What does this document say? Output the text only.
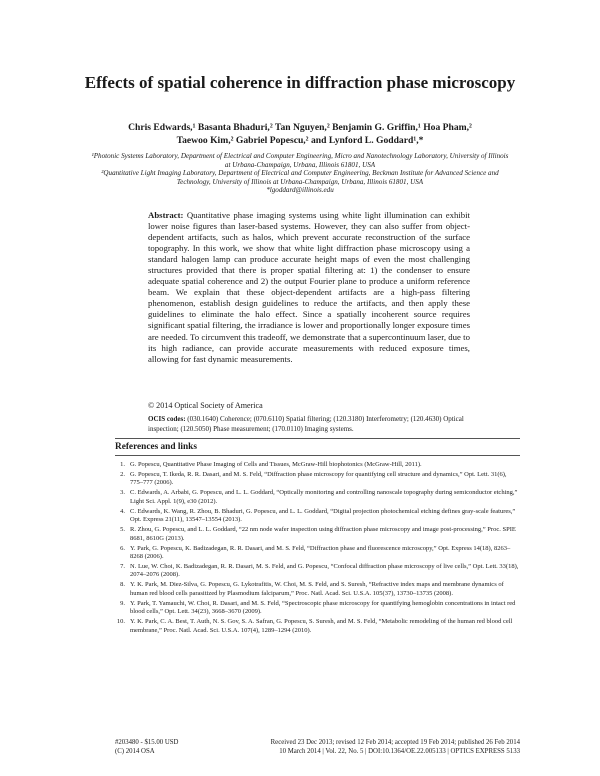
Effects of spatial coherence in diffraction phase microscopy
Chris Edwards,¹ Basanta Bhaduri,² Tan Nguyen,² Benjamin G. Griffin,¹ Hoa Pham,²
Taewoo Kim,² Gabriel Popescu,² and Lynford L. Goddard¹,*

¹Photonic Systems Laboratory, Department of Electrical and Computer Engineering, Micro and Nanotechnology Laboratory, University of Illinois at Urbana-Champaign, Urbana, Illinois 61801, USA

²Quantitative Light Imaging Laboratory, Department of Electrical and Computer Engineering, Beckman Institute for Advanced Science and Technology, University of Illinois at Urbana-Champaign, Urbana, Illinois 61801, USA

*lgoddard@illinois.edu

Abstract: Quantitative phase imaging systems using white light illumination can exhibit lower noise figures than laser-based systems. However, they can also suffer from object-dependent artifacts, such as halos, which prevent accurate reconstruction of the surface topography. In this work, we show that white light diffraction phase microscopy using a standard halogen lamp can produce accurate height maps of even the most challenging structures provided that there is proper spatial filtering at: 1) the condenser to ensure adequate spatial coherence and 2) the output Fourier plane to produce a uniform reference beam. We explain that these object-dependent artifacts are a high-pass filtering phenomenon, establish design guidelines to reduce the artifacts, and then apply these guidelines to eliminate the halo effect. Since a spatially incoherent source requires significant spatial filtering, the irradiance is lower and proportionally longer exposure times are needed. To circumvent this tradeoff, we demonstrate that a supercontinuum laser, due to its high radiance, can provide accurate measurements with reduced exposure times, allowing for fast dynamic measurements.
© 2014 Optical Society of America
OCIS codes: (030.1640) Coherence; (070.6110) Spatial filtering; (120.3180) Interferometry; (120.4630) Optical inspection; (120.5050) Phase measurement; (170.0110) Imaging systems.
References and links
1. G. Popescu, Quantitative Phase Imaging of Cells and Tissues, McGraw-Hill biophotonics (McGraw-Hill, 2011).
2. G. Popescu, T. Ikeda, R. R. Dasari, and M. S. Feld, “Diffraction phase microscopy for quantifying cell structure and dynamics,” Opt. Lett. 31(6), 775–777 (2006).
3. C. Edwards, A. Arbabi, G. Popescu, and L. L. Goddard, “Optically monitoring and controlling nanoscale topography during semiconductor etching,” Light Sci. Appl. 1(9), e30 (2012).
4. C. Edwards, K. Wang, R. Zhou, B. Bhaduri, G. Popescu, and L. L. Goddard, “Digital projection photochemical etching defines gray-scale features,” Opt. Express 21(11), 13547–13554 (2013).
5. R. Zhou, G. Popescu, and L. L. Goddard, “22 nm node wafer inspection using diffraction phase microscopy and image post-processing,” Proc. SPIE 8681, 8610G (2013).
6. Y. Park, G. Popescu, K. Badizadegan, R. R. Dasari, and M. S. Feld, “Diffraction phase and fluorescence microscopy,” Opt. Express 14(18), 8263–8268 (2006).
7. N. Lue, W. Choi, K. Badizadegan, R. R. Dasari, M. S. Feld, and G. Popescu, “Confocal diffraction phase microscopy of live cells,” Opt. Lett. 33(18), 2074–2076 (2008).
8. Y. K. Park, M. Diez-Silva, G. Popescu, G. Lykotrafitis, W. Choi, M. S. Feld, and S. Suresh, “Refractive index maps and membrane dynamics of human red blood cells parasitized by Plasmodium falciparum,” Proc. Natl. Acad. Sci. U.S.A. 105(37), 13730–13735 (2008).
9. Y. Park, T. Yamauchi, W. Choi, R. Dasari, and M. S. Feld, “Spectroscopic phase microscopy for quantifying hemoglobin concentrations in intact red blood cells,” Opt. Lett. 34(23), 3668–3670 (2009).
10. Y. K. Park, C. A. Best, T. Auth, N. S. Gov, S. A. Safran, G. Popescu, S. Suresh, and M. S. Feld, “Metabolic remodeling of the human red blood cell membrane,” Proc. Natl. Acad. Sci. U.S.A. 107(4), 1289–1294 (2010).
#203480 - $15.00 USD	Received 23 Dec 2013; revised 12 Feb 2014; accepted 19 Feb 2014; published 26 Feb 2014
(C) 2014 OSA	10 March 2014 | Vol. 22, No. 5 | DOI:10.1364/OE.22.005133 | OPTICS EXPRESS 5133
